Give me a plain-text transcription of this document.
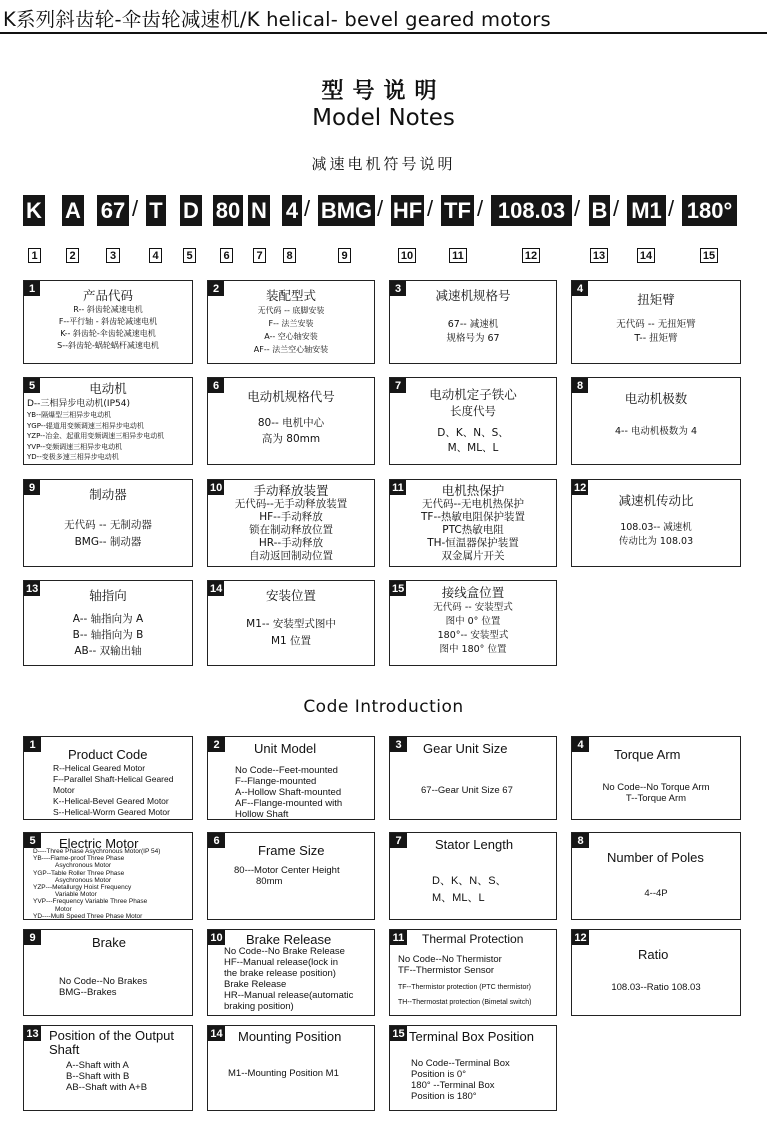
K系列斜齿轮-伞齿轮减速机/K helical- bevel geared motors
型号说明
Model Notes
减速电机符号说明
K A 67 / T D 80 N 4 / BMG / HF / TF / 108.03 / B / M1 / 180°
1	2	3	4	5	6	7	8	9	10	11	12	13	14	15
1	产品代码
R-- 斜齿轮减速电机
F--平行轴 - 斜齿轮减速电机
K-- 斜齿轮-伞齿轮减速电机
S--斜齿轮-蜗轮蜗杆减速电机
2	装配型式
无代码 -- 底脚安装
F-- 法兰安装
A-- 空心轴安装
AF-- 法兰空心轴安装
3	减速机规格号
67-- 减速机
规格号为 67
4
扭矩臂
无代码 -- 无扭矩臂
T-- 扭矩臂
5	电动机
D--三相异步电动机(IP54)
YB--隔爆型三相异步电动机
YGP--辊道用变频调速三相异步电动机
YZP--冶金、起重用变频调速三相异步电动机
YVP--变频调速三相异步电动机
YD--变极多速三相异步电动机
6
电动机规格代号
80-- 电机中心
高为 80mm
7
电动机定子铁心
长度代号
D、K、N、S、
M、ML、L
8
电动机极数
4-- 电动机极数为 4
9	制动器
无代码 -- 无制动器
BMG-- 制动器
10	手动释放装置
无代码--无手动释放装置
HF--手动释放
锁在制动释放位置
HR--手动释放
自动返回制动位置
11	电机热保护
无代码--无电机热保护
TF--热敏电阻保护装置
PTC热敏电阻
TH-恒温器保护装置
双金属片开关
12
减速机传动比
108.03-- 减速机
传动比为 108.03
13	轴指向
A-- 轴指向为 A
B-- 轴指向为 B
AB-- 双输出轴
14	安装位置
M1-- 安装型式图中
M1 位置
15	接线盒位置
无代码 -- 安装型式
图中 0° 位置
180°-- 安装型式
图中 180° 位置
Code Introduction
1
Product Code
R--Helical Geared Motor
F--Parallel Shaft-Helical Geared
Motor
K--Helical-Bevel Geared Motor
S--Helical-Worm Geared Motor
2	Unit Model
No Code--Feet-mounted
F--Flange-mounted
A--Hollow Shaft-mounted
AF--Flange-mounted with
Hollow Shaft
3	Gear Unit Size
67--Gear Unit Size 67
4
Torque Arm
No Code--No Torque Arm
T--Torque Arm
5	Electric Motor
D----Three Phase Asychronous Motor(IP 54)
YB----Flame-proof Three Phase
Asychronous Motor
YGP--Table Roller Three Phase
Asychronous Motor
YZP---Metallurgy Hoist Frequency
Variable Motor
YVP---Frequency Variable Three Phase
Motor
YD----Multi Speed Three Phase Motor
6
Frame Size
80---Motor Center Height
80mm
7	Stator Length
D、K、N、S、
M、ML、L
8
Number of Poles
4--4P
9	Brake
No Code--No Brakes
BMG--Brakes
10 Brake Release
No Code--No Brake Release
HF--Manual release(lock in
the brake release position)
Brake Release
HR--Manual release(automatic
braking position)
11 Thermal Protection
No Code--No Thermistor
TF--Thermistor Sensor
TF--Thermistor protection (PTC thermistor)
TH--Thermostat protection (Bimetal switch)
12
Ratio
108.03--Ratio 108.03
13 Position of the Output Shaft
A--Shaft with A
B--Shaft with B
AB--Shaft with A+B
14 Mounting Position
M1--Mounting Position M1
15 Terminal Box Position
No Code--Terminal Box
Position is 0°
180° --Terminal Box
Position is 180°
